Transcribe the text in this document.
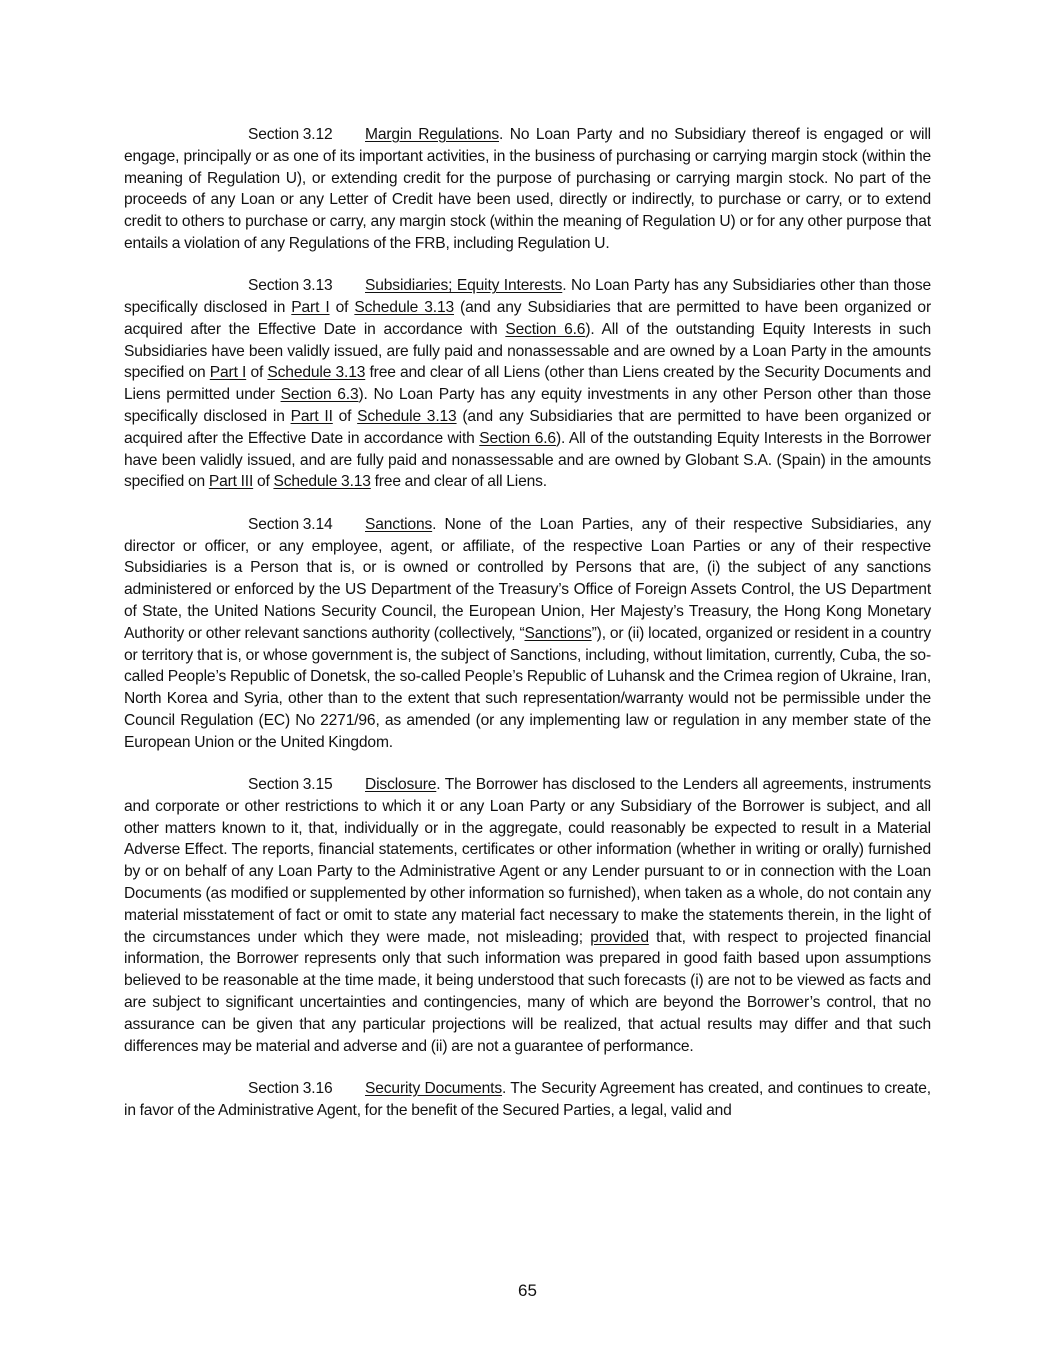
Section 3.12 Margin Regulations. No Loan Party and no Subsidiary thereof is engaged or will engage, principally or as one of its important activities, in the business of purchasing or carrying margin stock (within the meaning of Regulation U), or extending credit for the purpose of purchasing or carrying margin stock. No part of the proceeds of any Loan or any Letter of Credit have been used, directly or indirectly, to purchase or carry, or to extend credit to others to purchase or carry, any margin stock (within the meaning of Regulation U) or for any other purpose that entails a violation of any Regulations of the FRB, including Regulation U.

Section 3.13 Subsidiaries; Equity Interests. No Loan Party has any Subsidiaries other than those specifically disclosed in Part I of Schedule 3.13 (and any Subsidiaries that are permitted to have been organized or acquired after the Effective Date in accordance with Section 6.6). All of the outstanding Equity Interests in such Subsidiaries have been validly issued, are fully paid and nonassessable and are owned by a Loan Party in the amounts specified on Part I of Schedule 3.13 free and clear of all Liens (other than Liens created by the Security Documents and Liens permitted under Section 6.3). No Loan Party has any equity investments in any other Person other than those specifically disclosed in Part II of Schedule 3.13 (and any Subsidiaries that are permitted to have been organized or acquired after the Effective Date in accordance with Section 6.6). All of the outstanding Equity Interests in the Borrower have been validly issued, and are fully paid and nonassessable and are owned by Globant S.A. (Spain) in the amounts specified on Part III of Schedule 3.13 free and clear of all Liens.

Section 3.14 Sanctions. None of the Loan Parties, any of their respective Subsidiaries, any director or officer, or any employee, agent, or affiliate, of the respective Loan Parties or any of their respective Subsidiaries is a Person that is, or is owned or controlled by Persons that are, (i) the subject of any sanctions administered or enforced by the US Department of the Treasury’s Office of Foreign Assets Control, the US Department of State, the United Nations Security Council, the European Union, Her Majesty’s Treasury, the Hong Kong Monetary Authority or other relevant sanctions authority (collectively, “Sanctions”), or (ii) located, organized or resident in a country or territory that is, or whose government is, the subject of Sanctions, including, without limitation, currently, Cuba, the so-called People’s Republic of Donetsk, the so-called People’s Republic of Luhansk and the Crimea region of Ukraine, Iran, North Korea and Syria, other than to the extent that such representation/warranty would not be permissible under the Council Regulation (EC) No 2271/96, as amended (or any implementing law or regulation in any member state of the European Union or the United Kingdom.

Section 3.15 Disclosure. The Borrower has disclosed to the Lenders all agreements, instruments and corporate or other restrictions to which it or any Loan Party or any Subsidiary of the Borrower is subject, and all other matters known to it, that, individually or in the aggregate, could reasonably be expected to result in a Material Adverse Effect. The reports, financial statements, certificates or other information (whether in writing or orally) furnished by or on behalf of any Loan Party to the Administrative Agent or any Lender pursuant to or in connection with the Loan Documents (as modified or supplemented by other information so furnished), when taken as a whole, do not contain any material misstatement of fact or omit to state any material fact necessary to make the statements therein, in the light of the circumstances under which they were made, not misleading; provided that, with respect to projected financial information, the Borrower represents only that such information was prepared in good faith based upon assumptions believed to be reasonable at the time made, it being understood that such forecasts (i) are not to be viewed as facts and are subject to significant uncertainties and contingencies, many of which are beyond the Borrower’s control, that no assurance can be given that any particular projections will be realized, that actual results may differ and that such differences may be material and adverse and (ii) are not a guarantee of performance.

Section 3.16 Security Documents. The Security Agreement has created, and continues to create, in favor of the Administrative Agent, for the benefit of the Secured Parties, a legal, valid and

65
